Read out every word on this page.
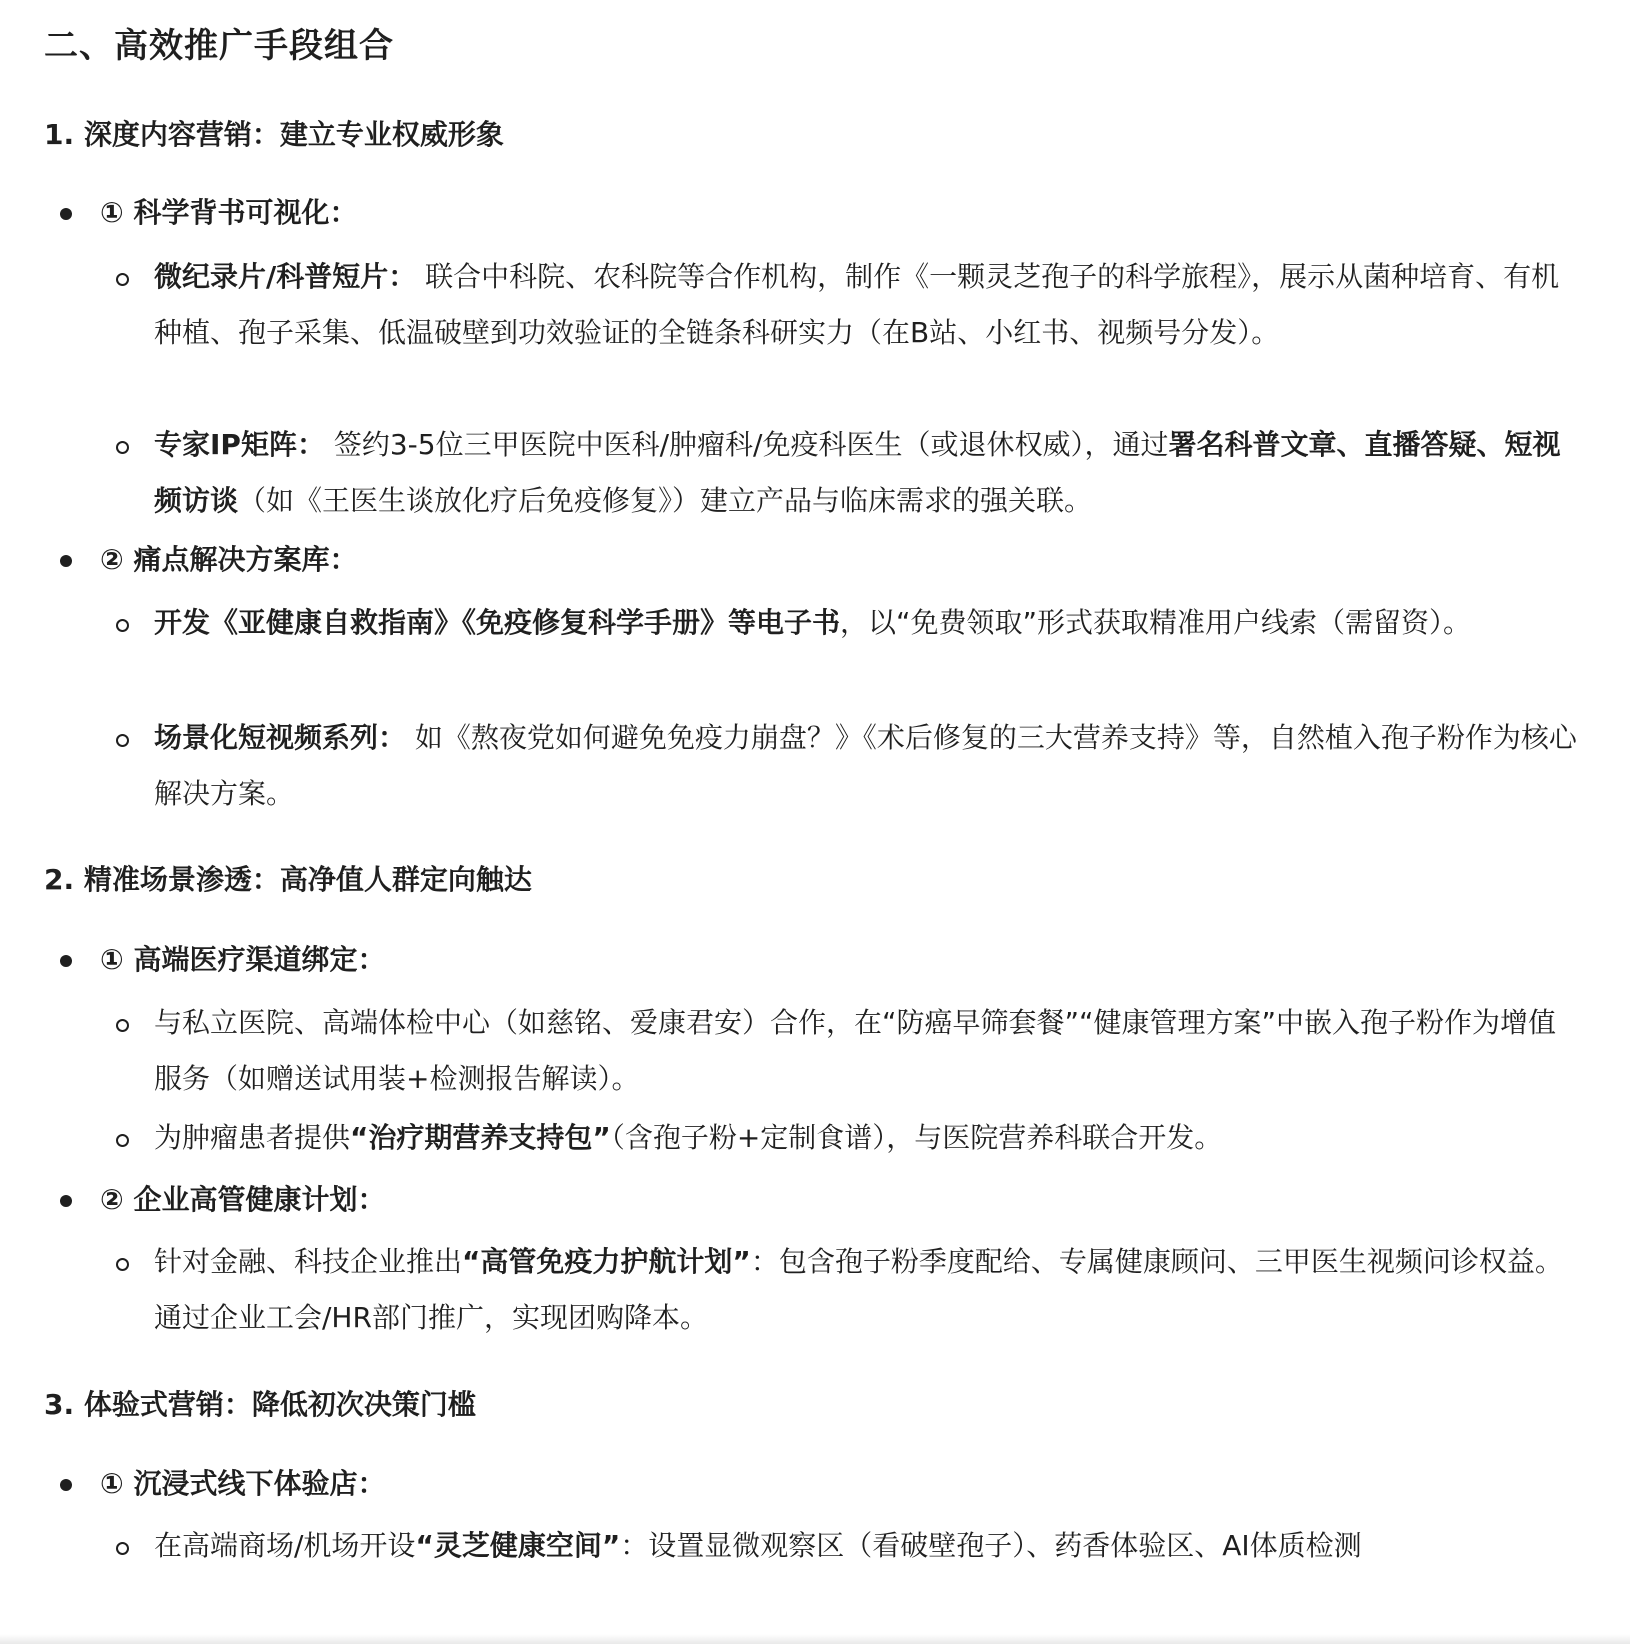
二、高效推广手段组合
1. 深度内容营销：建立专业权威形象
① 科学背书可视化：
微纪录片/科普短片： 联合中科院、农科院等合作机构，制作《一颗灵芝孢子的科学旅程》，展示从菌种培育、有机种植、孢子采集、低温破壁到功效验证的全链条科研实力（在B站、小红书、视频号分发）。
专家IP矩阵： 签约3-5位三甲医院中医科/肿瘤科/免疫科医生（或退休权威），通过署名科普文章、直播答疑、短视频访谈（如《王医生谈放化疗后免疫修复》）建立产品与临床需求的强关联。
② 痛点解决方案库：
开发《亚健康自救指南》《免疫修复科学手册》等电子书，以“免费领取”形式获取精准用户线索（需留资）。
场景化短视频系列： 如《熬夜党如何避免免疫力崩盘？》《术后修复的三大营养支持》等，自然植入孢子粉作为核心解决方案。
2. 精准场景渗透：高净值人群定向触达
① 高端医疗渠道绑定：
与私立医院、高端体检中心（如慈铭、爱康君安）合作，在“防癌早筛套餐”“健康管理方案”中嵌入孢子粉作为增值服务（如赠送试用装+检测报告解读）。
为肿瘤患者提供“治疗期营养支持包”（含孢子粉+定制食谱），与医院营养科联合开发。
② 企业高管健康计划：
针对金融、科技企业推出“高管免疫力护航计划”：包含孢子粉季度配给、专属健康顾问、三甲医生视频问诊权益。通过企业工会/HR部门推广，实现团购降本。
3. 体验式营销：降低初次决策门槛
① 沉浸式线下体验店：
在高端商场/机场开设“灵芝健康空间”：设置显微观察区（看破壁孢子）、药香体验区、AI体质检测
